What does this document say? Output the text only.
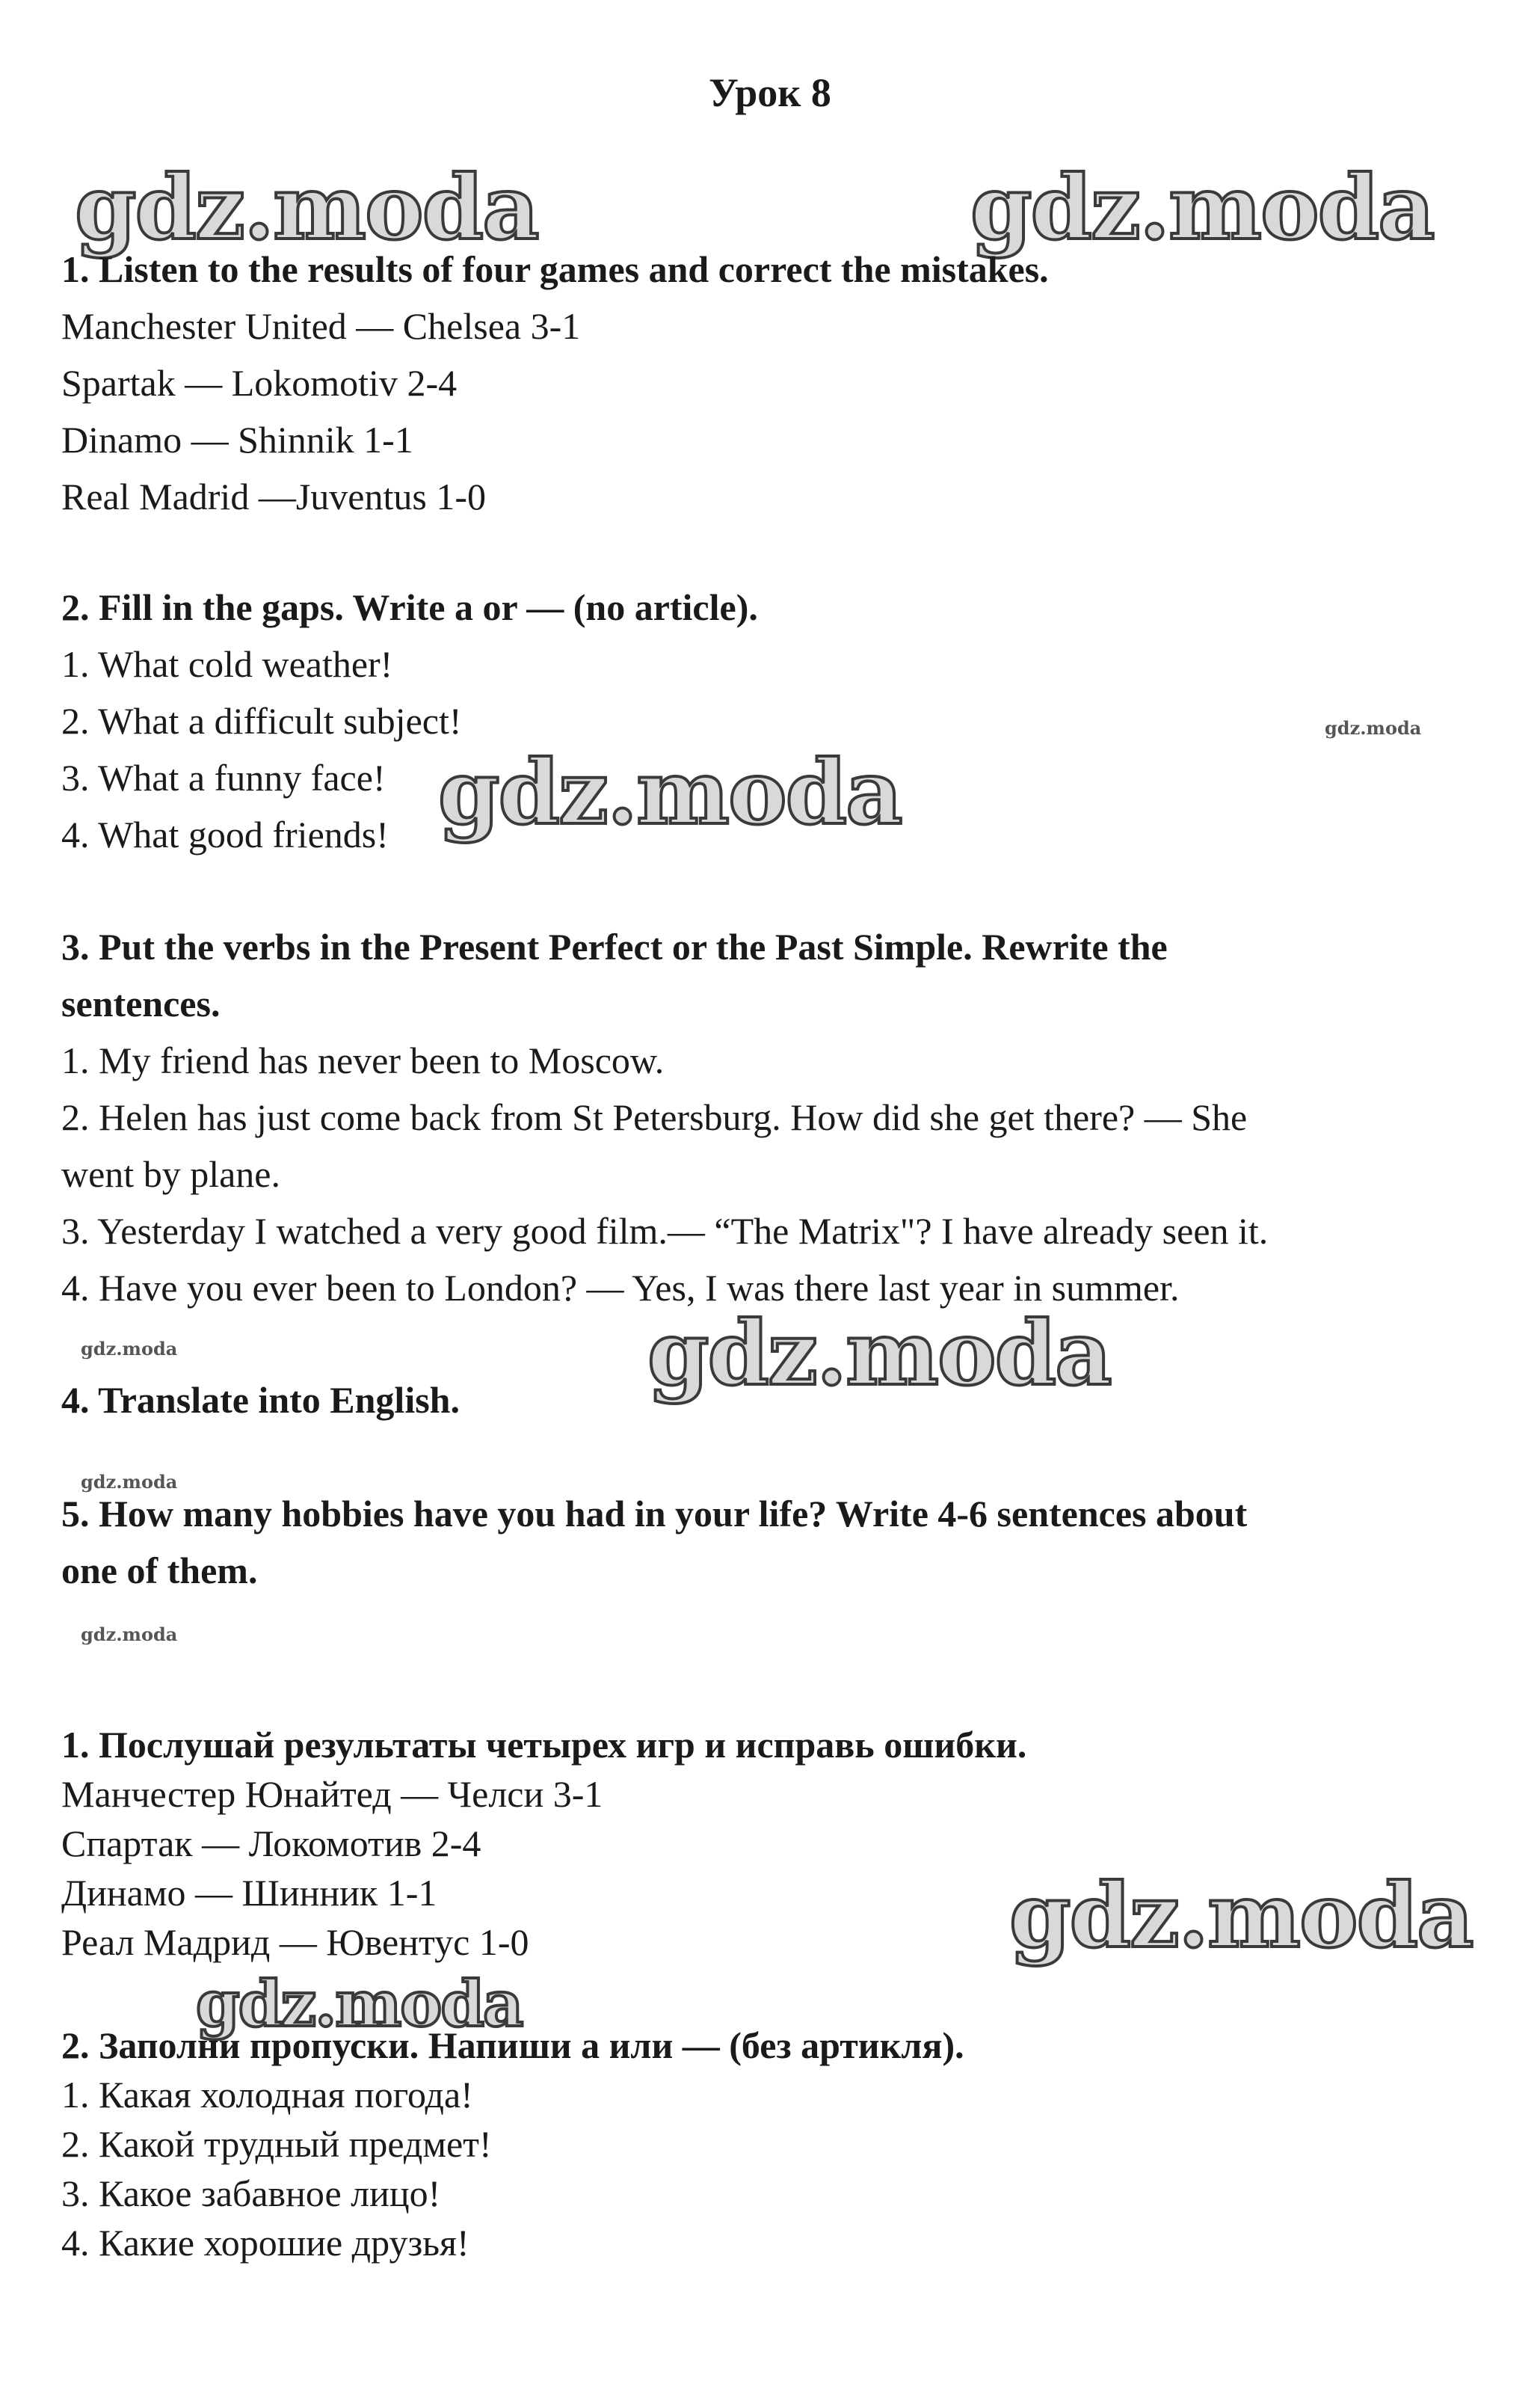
Урок 8
gdz.moda	gdz.moda
gdz.moda
gdz.moda
gdz.moda	gdz.moda
gdz.moda
gdz.moda
gdz.moda
gdz.moda

1. Listen to the results of four games and correct the mistakes.

Manchester United — Chelsea 3-1

Spartak — Lokomotiv 2-4

Dinamo — Shinnik 1-1

Real Madrid —Juventus 1-0

2. Fill in the gaps. Write a or — (no article).

1. What cold weather!

2. What a difficult subject!

3. What a funny face!

4. What good friends!

3. Put the verbs in the Present Perfect or the Past Simple. Rewrite the

sentences.

1. My friend has never been to Moscow.

2. Helen has just come back from St Petersburg. How did she get there? — She

went by plane.

3. Yesterday I watched a very good film.— “The Matrix"? I have already seen it.

4. Have you ever been to London? — Yes, I was there last year in summer.

4. Translate into English.

5. How many hobbies have you had in your life? Write 4-6 sentences about

one of them.

1. Послушай результаты четырех игр и исправь ошибки.

Манчестер Юнайтед — Челси 3-1

Спартак — Локомотив 2-4

Динамо — Шинник 1-1

Реал Мадрид — Ювентус 1-0

2. Заполни пропуски. Напиши а или — (без артикля).

1. Какая холодная погода!

2. Какой трудный предмет!

3. Какое забавное лицо!

4. Какие хорошие друзья!
